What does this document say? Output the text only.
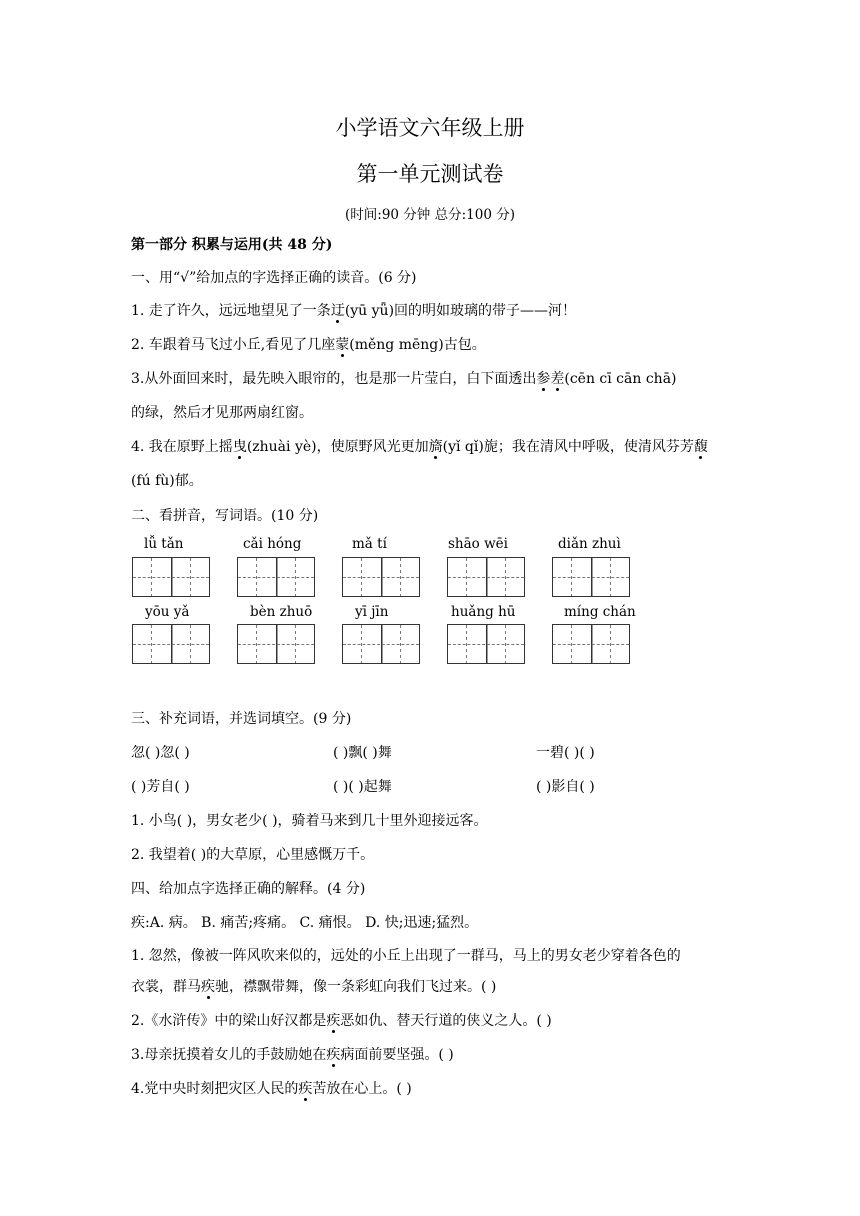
小学语文六年级上册
第一单元测试卷
(时间:90 分钟 总分:100 分)
第一部分 积累与运用(共 48 分)
一、用“√”给加点的字选择正确的读音。(6 分)
1. 走了许久，远远地望见了一条迂(yū yǖ)回的明如玻璃的带子——河！
2. 车跟着马飞过小丘,看见了几座蒙(měng mēng)古包。
3.从外面回来时，最先映入眼帘的，也是那一片莹白，白下面透出参差(cēn cī cān chā)
的绿，然后才见那两扇红窗。
4. 我在原野上摇曳(zhuài yè)，使原野风光更加旖(yǐ qǐ)旎；我在清风中呼吸，使清风芬芳馥
(fú fù)郁。
二、看拼音，写词语。(10 分)
lǚ tǎn	cǎi hóng	mǎ tí	shāo wēi	diǎn zhuì
yōu yǎ	bèn zhuō	yī jīn	huǎng hū	míng chán
三、补充词语，并选词填空。(9 分)
忽( )忽( )	( )飘( )舞	一碧( )( )
( )芳自( )	( )( )起舞	( )影自( )
1. 小鸟( )，男女老少( )，骑着马来到几十里外迎接远客。
2. 我望着( )的大草原，心里感慨万千。
四、给加点字选择正确的解释。(4 分)
疾:A. 病。 B. 痛苦;疼痛。 C. 痛恨。 D. 快;迅速;猛烈。
1. 忽然，像被一阵风吹来似的，远处的小丘上出现了一群马，马上的男女老少穿着各色的
衣裳，群马疾驰，襟飘带舞，像一条彩虹向我们飞过来。( )
2.《水浒传》中的梁山好汉都是疾恶如仇、替天行道的侠义之人。( )
3.母亲抚摸着女儿的手鼓励她在疾病面前要坚强。( )
4.党中央时刻把灾区人民的疾苦放在心上。( )
